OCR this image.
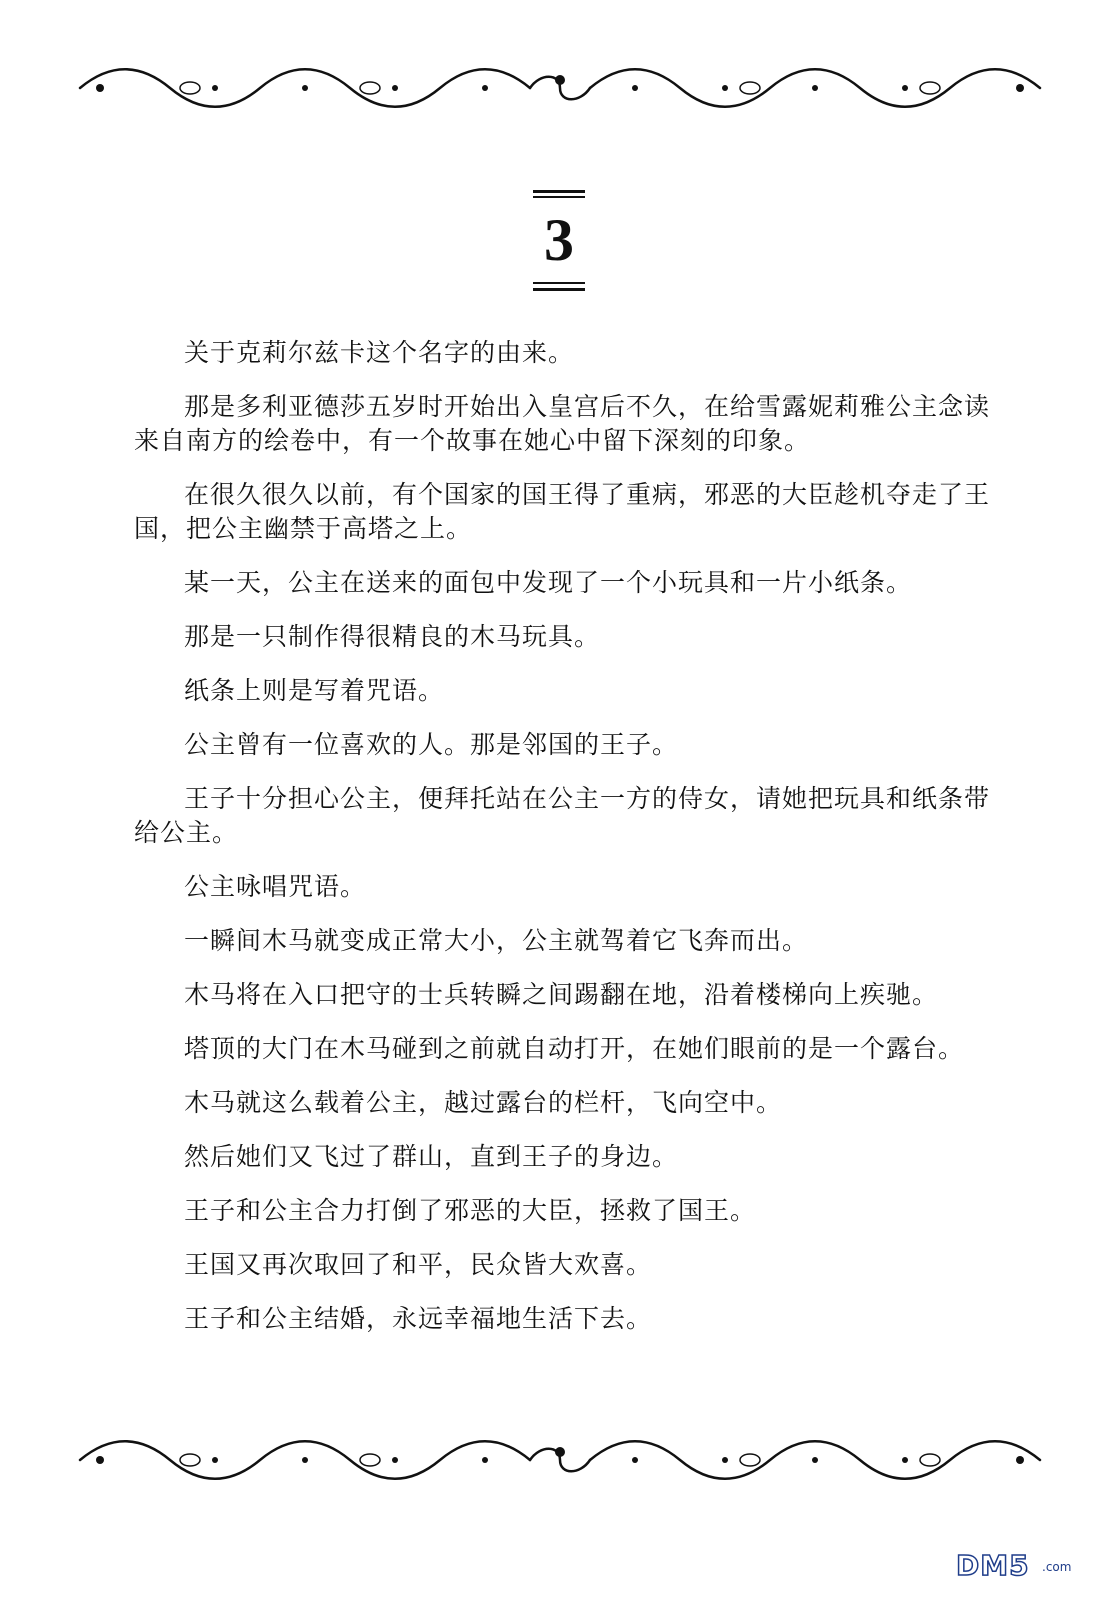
3

关于克莉尔兹卡这个名字的由来。

那是多利亚德莎五岁时开始出入皇宫后不久，在给雪露妮莉雅公主念读来自南方的绘卷中，有一个故事在她心中留下深刻的印象。

在很久很久以前，有个国家的国王得了重病，邪恶的大臣趁机夺走了王国，把公主幽禁于高塔之上。

某一天，公主在送来的面包中发现了一个小玩具和一片小纸条。

那是一只制作得很精良的木马玩具。

纸条上则是写着咒语。

公主曾有一位喜欢的人。那是邻国的王子。

王子十分担心公主，便拜托站在公主一方的侍女，请她把玩具和纸条带给公主。

公主咏唱咒语。

一瞬间木马就变成正常大小，公主就驾着它飞奔而出。

木马将在入口把守的士兵转瞬之间踢翻在地，沿着楼梯向上疾驰。

塔顶的大门在木马碰到之前就自动打开，在她们眼前的是一个露台。

木马就这么载着公主，越过露台的栏杆，飞向空中。

然后她们又飞过了群山，直到王子的身边。

王子和公主合力打倒了邪恶的大臣，拯救了国王。

王国又再次取回了和平，民众皆大欢喜。

王子和公主结婚，永远幸福地生活下去。

DM5 .com
